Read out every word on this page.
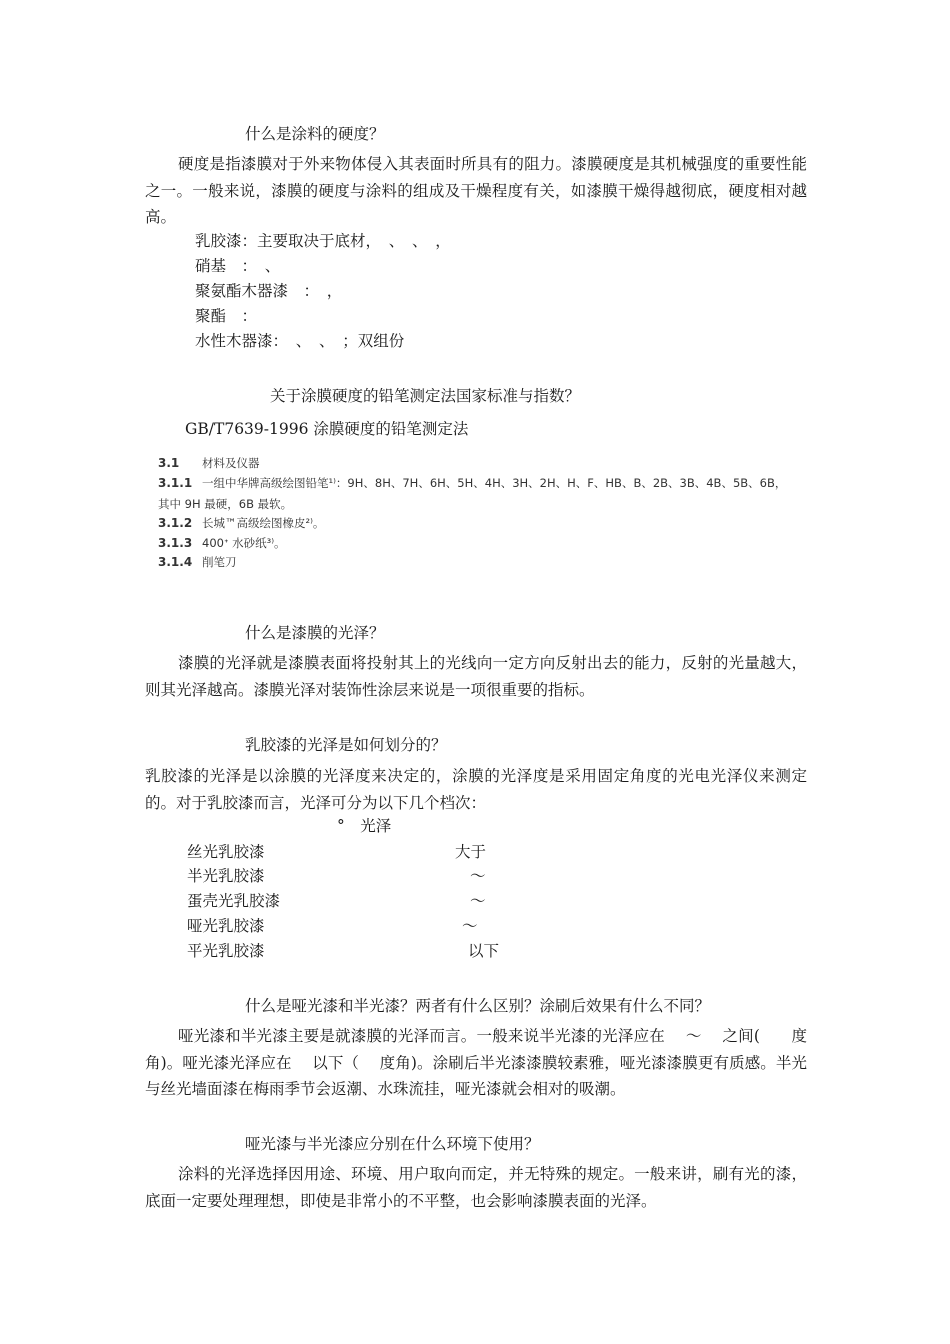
什么是涂料的硬度？
硬度是指漆膜对于外来物体侵入其表面时所具有的阻力。漆膜硬度是其机械强度的重要性能之一。一般来说，漆膜的硬度与涂料的组成及干燥程度有关，如漆膜干燥得越彻底，硬度相对越高。
乳胶漆：主要取决于底材，　、　、　，
硝基　：　、
聚氨酯木器漆　：　，
聚酯　：
水性木器漆：　、　、　；双组份
关于涂膜硬度的铅笔测定法国家标准与指数？
GB/T7639-1996 涂膜硬度的铅笔测定法
3.1 材料及仪器
3.1.1 一组中华牌高级绘图铅笔¹⁾：9H、8H、7H、6H、5H、4H、3H、2H、H、F、HB、B、2B、3B、4B、5B、6B，
其中 9H 最硬，6B 最软。
3.1.2 长城™高级绘图橡皮²⁾。
3.1.3 400ᐩ 水砂纸³⁾。
3.1.4 削笔刀
什么是漆膜的光泽？
漆膜的光泽就是漆膜表面将投射其上的光线向一定方向反射出去的能力，反射的光量越大，则其光泽越高。漆膜光泽对装饰性涂层来说是一项很重要的指标。
乳胶漆的光泽是如何划分的？
乳胶漆的光泽是以涂膜的光泽度来决定的，涂膜的光泽度是采用固定角度的光电光泽仪来测定的。对于乳胶漆而言，光泽可分为以下几个档次：
°　光泽
丝光乳胶漆	大于
半光乳胶漆	～
蛋壳光乳胶漆	～
哑光乳胶漆	～
平光乳胶漆	以下
什么是哑光漆和半光漆？两者有什么区别？涂刷后效果有什么不同？
哑光漆和半光漆主要是就漆膜的光泽而言。一般来说半光漆的光泽应在　 ～　 之间(　　度角)。哑光漆光泽应在　 以下（　 度角)。涂刷后半光漆漆膜较素雅，哑光漆漆膜更有质感。半光与丝光墙面漆在梅雨季节会返潮、水珠流挂，哑光漆就会相对的吸潮。
哑光漆与半光漆应分别在什么环境下使用？
涂料的光泽选择因用途、环境、用户取向而定，并无特殊的规定。一般来讲，刷有光的漆，底面一定要处理理想，即使是非常小的不平整，也会影响漆膜表面的光泽。
